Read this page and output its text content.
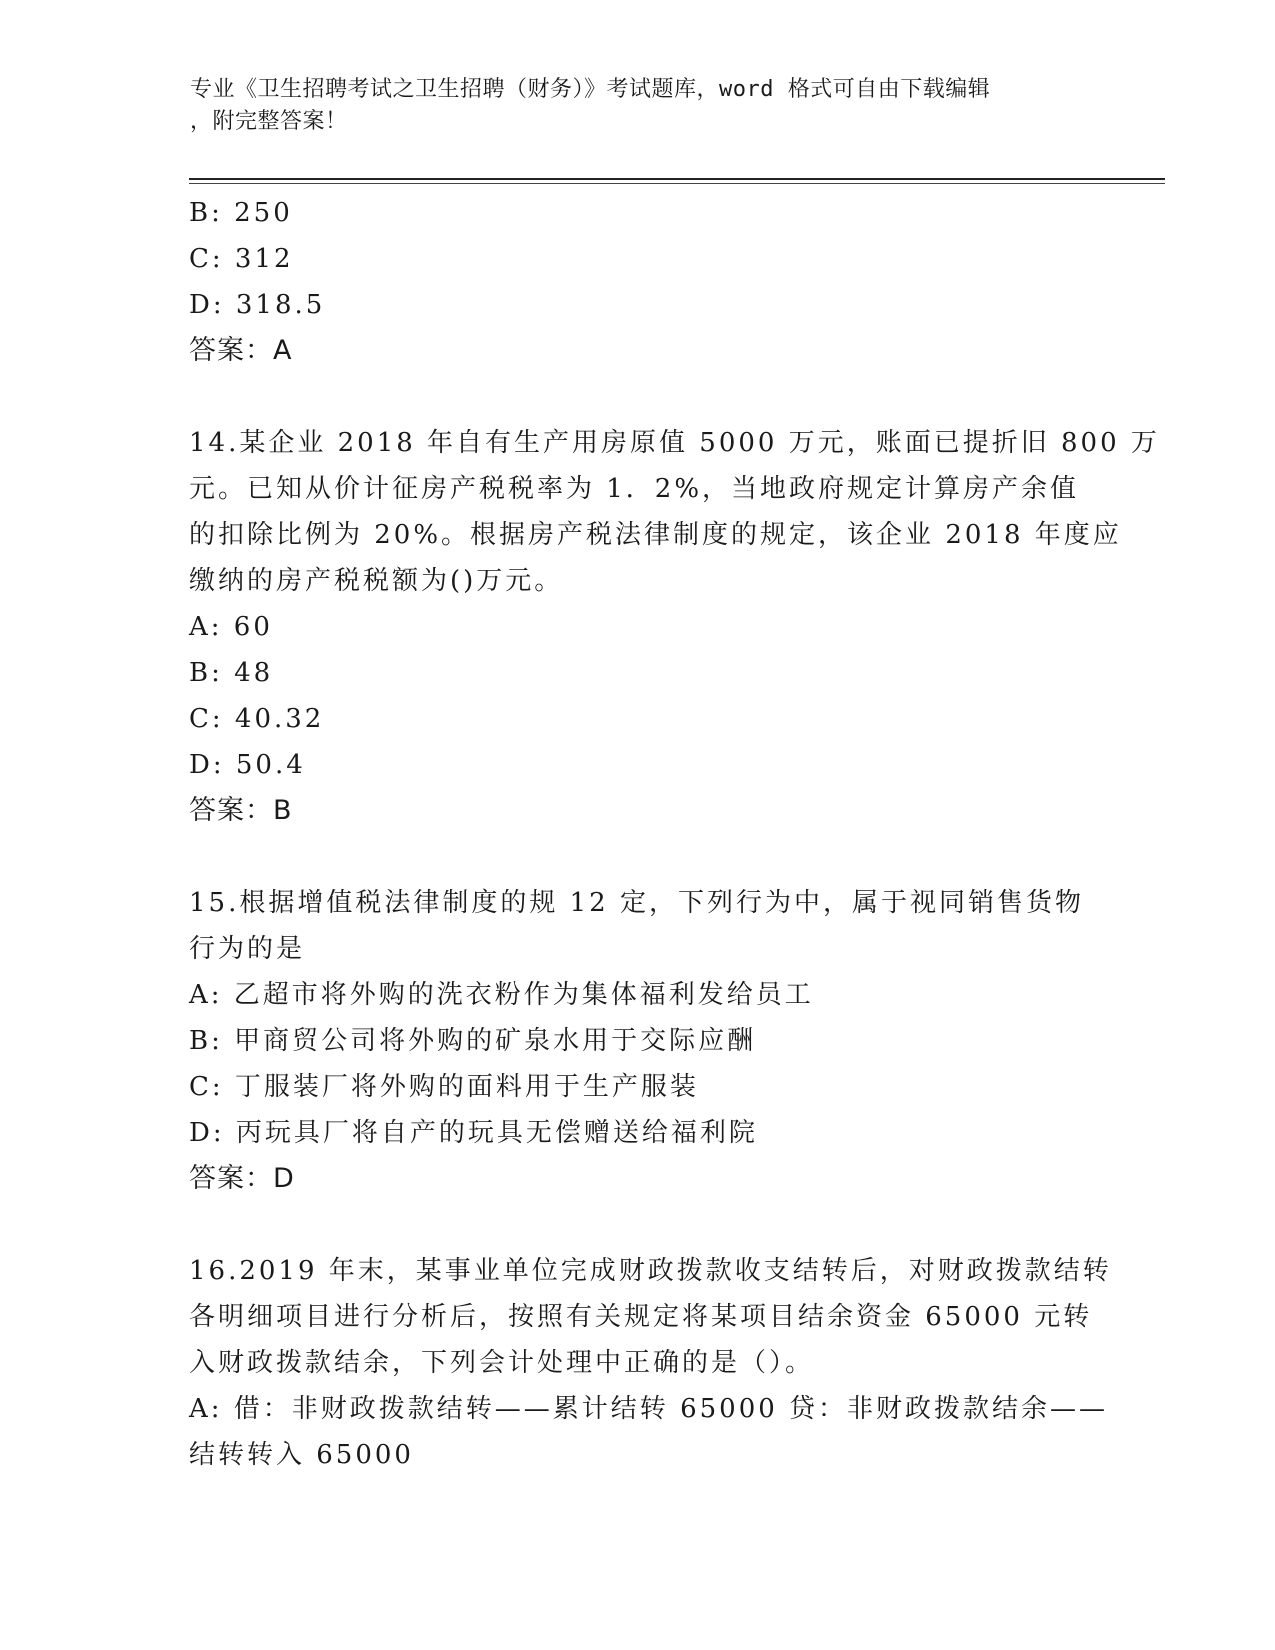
专业《卫生招聘考试之卫生招聘（财务）》考试题库，word 格式可自由下载编辑
，附完整答案！
B: 250
C: 312
D: 318.5
答案：A
14.某企业 2018 年自有生产用房原值 5000 万元，账面已提折旧 800 万
元。已知从价计征房产税税率为 1．2%，当地政府规定计算房产余值
的扣除比例为 20%。根据房产税法律制度的规定，该企业 2018 年度应
缴纳的房产税税额为()万元。
A: 60
B: 48
C: 40.32
D: 50.4
答案：B
15.根据增值税法律制度的规 12 定，下列行为中，属于视同销售货物
行为的是
A: 乙超市将外购的洗衣粉作为集体福利发给员工
B: 甲商贸公司将外购的矿泉水用于交际应酬
C: 丁服装厂将外购的面料用于生产服装
D: 丙玩具厂将自产的玩具无偿赠送给福利院
答案：D
16.2019 年末，某事业单位完成财政拨款收支结转后，对财政拨款结转
各明细项目进行分析后，按照有关规定将某项目结余资金 65000 元转
入财政拨款结余，下列会计处理中正确的是（）。
A: 借：非财政拨款结转——累计结转 65000 贷：非财政拨款结余——
结转转入 65000
